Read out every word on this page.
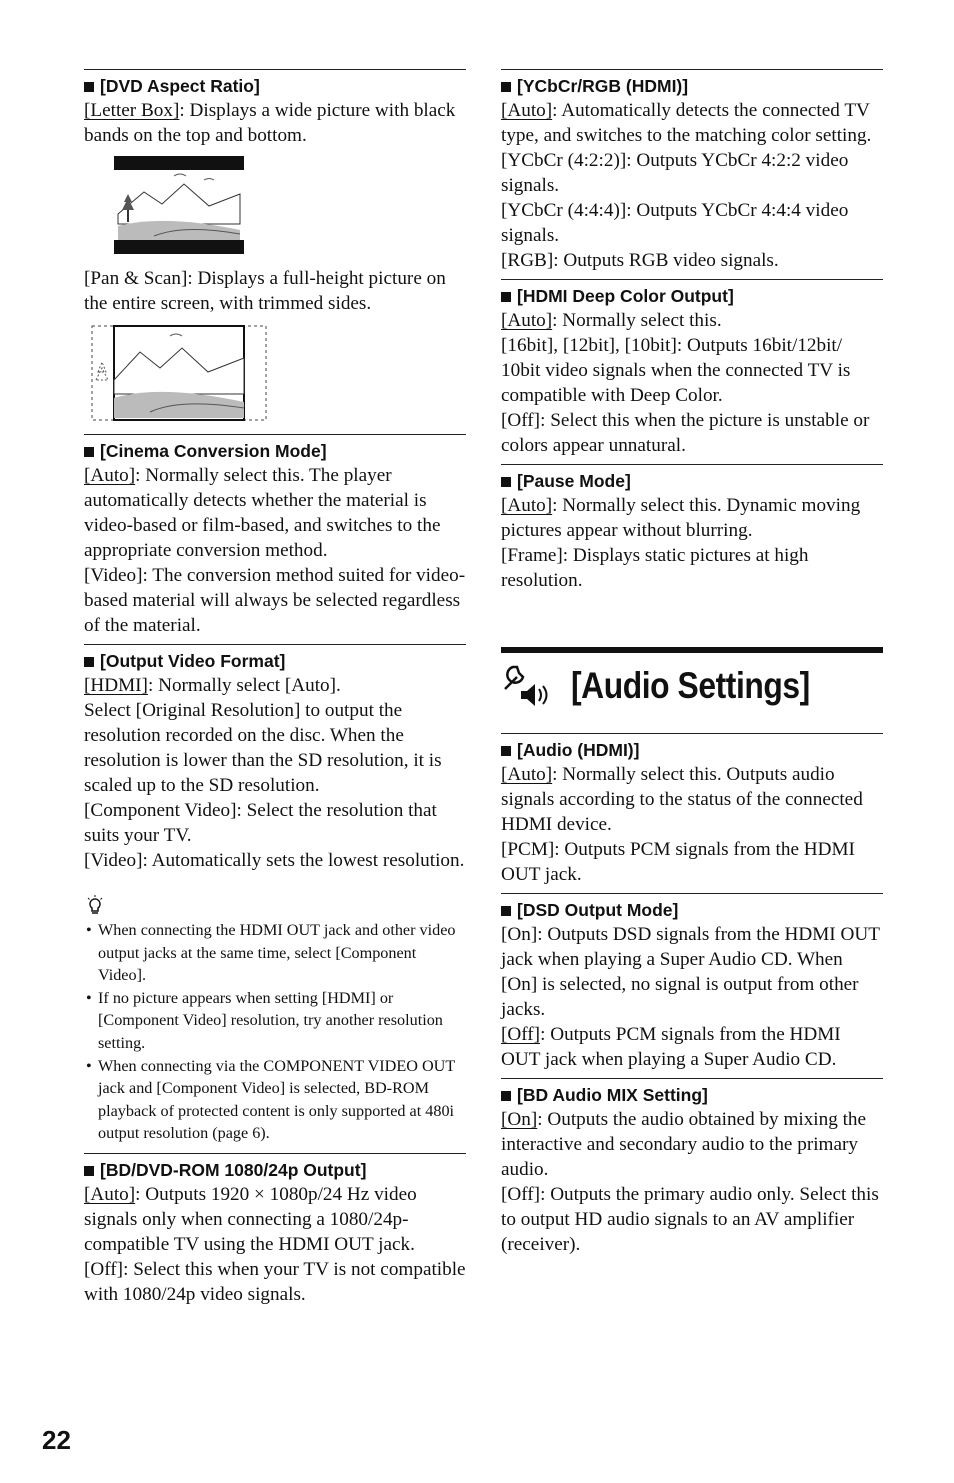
[DVD Aspect Ratio]

[Letter Box]: Displays a wide picture with black bands on the top and bottom.

[Pan & Scan]: Displays a full-height picture on the entire screen, with trimmed sides.

[Cinema Conversion Mode]

[Auto]: Normally select this. The player automatically detects whether the material is video-based or film-based, and switches to the appropriate conversion method.

[Video]: The conversion method suited for video-based material will always be selected regardless of the material.

[Output Video Format]

[HDMI]: Normally select [Auto].

Select [Original Resolution] to output the resolution recorded on the disc. When the resolution is lower than the SD resolution, it is scaled up to the SD resolution.

[Component Video]: Select the resolution that suits your TV.

[Video]: Automatically sets the lowest resolution.

• When connecting the HDMI OUT jack and other video output jacks at the same time, select [Component Video].
• If no picture appears when setting [HDMI] or [Component Video] resolution, try another resolution setting.
• When connecting via the COMPONENT VIDEO OUT jack and [Component Video] is selected, BD-ROM playback of protected content is only supported at 480i output resolution (page 6).
[BD/DVD-ROM 1080/24p Output]

[Auto]: Outputs 1920 × 1080p/24 Hz video signals only when connecting a 1080/24p-compatible TV using the HDMI OUT jack.

[Off]: Select this when your TV is not compatible with 1080/24p video signals.

[YCbCr/RGB (HDMI)]

[Auto]: Automatically detects the connected TV type, and switches to the matching color setting.

[YCbCr (4:2:2)]: Outputs YCbCr 4:2:2 video signals.

[YCbCr (4:4:4)]: Outputs YCbCr 4:4:4 video signals.

[RGB]: Outputs RGB video signals.

[HDMI Deep Color Output]

[Auto]: Normally select this.

[16bit], [12bit], [10bit]: Outputs 16bit/12bit/ 10bit video signals when the connected TV is compatible with Deep Color.

[Off]: Select this when the picture is unstable or colors appear unnatural.

[Pause Mode]

[Auto]: Normally select this. Dynamic moving pictures appear without blurring.

[Frame]: Displays static pictures at high resolution.

[Audio Settings]
[Audio (HDMI)]

[Auto]: Normally select this. Outputs audio signals according to the status of the connected HDMI device.

[PCM]: Outputs PCM signals from the HDMI OUT jack.

[DSD Output Mode]

[On]: Outputs DSD signals from the HDMI OUT jack when playing a Super Audio CD. When [On] is selected, no signal is output from other jacks.

[Off]: Outputs PCM signals from the HDMI OUT jack when playing a Super Audio CD.

[BD Audio MIX Setting]

[On]: Outputs the audio obtained by mixing the interactive and secondary audio to the primary audio.

[Off]: Outputs the primary audio only. Select this to output HD audio signals to an AV amplifier (receiver).

22
